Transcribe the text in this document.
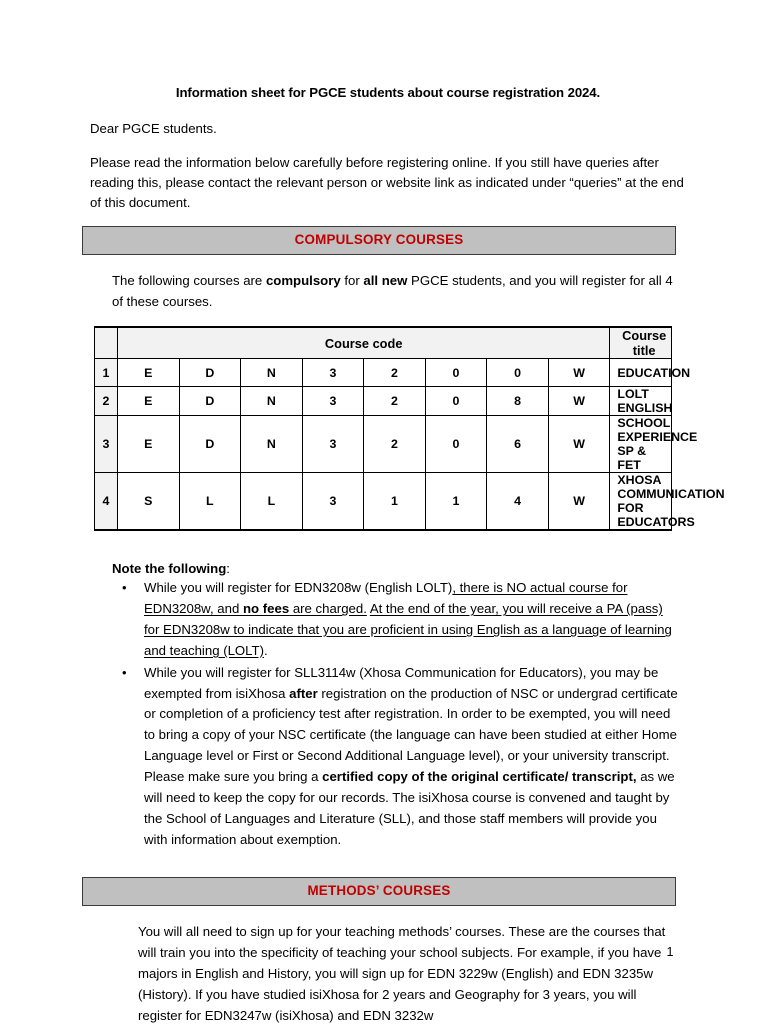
Information sheet for PGCE students about course registration 2024.

Dear PGCE students.

Please read the information below carefully before registering online. If you still have queries after reading this, please contact the relevant person or website link as indicated under “queries” at the end of this document.

COMPULSORY COURSES

The following courses are compulsory for all new PGCE students, and you will register for all 4 of these courses.

	Course code								Course title
1	E	D	N	3	2	0	0	W	EDUCATION
2	E	D	N	3	2	0	8	W	LOLT ENGLISH
3	E	D	N	3	2	0	6	W	SCHOOL EXPERIENCE SP & FET
4	S	L	L	3	1	1	4	W	XHOSA COMMUNICATION FOR EDUCATORS
Note the following:
• While you will register for EDN3208w (English LOLT), there is NO actual course for EDN3208w, and no fees are charged. At the end of the year, you will receive a PA (pass) for EDN3208w to indicate that you are proficient in using English as a language of learning and teaching (LOLT).
• While you will register for SLL3114w (Xhosa Communication for Educators), you may be exempted from isiXhosa after registration on the production of NSC or undergrad certificate or completion of a proficiency test after registration. In order to be exempted, you will need to bring a copy of your NSC certificate (the language can have been studied at either Home Language level or First or Second Additional Language level), or your university transcript. Please make sure you bring a certified copy of the original certificate/ transcript, as we will need to keep the copy for our records. The isiXhosa course is convened and taught by the School of Languages and Literature (SLL), and those staff members will provide you with information about exemption.
METHODS’ COURSES

You will all need to sign up for your teaching methods’ courses. These are the courses that will train you into the specificity of teaching your school subjects. For example, if you have majors in English and History, you will sign up for EDN 3229w (English) and EDN 3235w (History). If you have studied isiXhosa for 2 years and Geography for 3 years, you will register for EDN3247w (isiXhosa) and EDN 3232w

1
